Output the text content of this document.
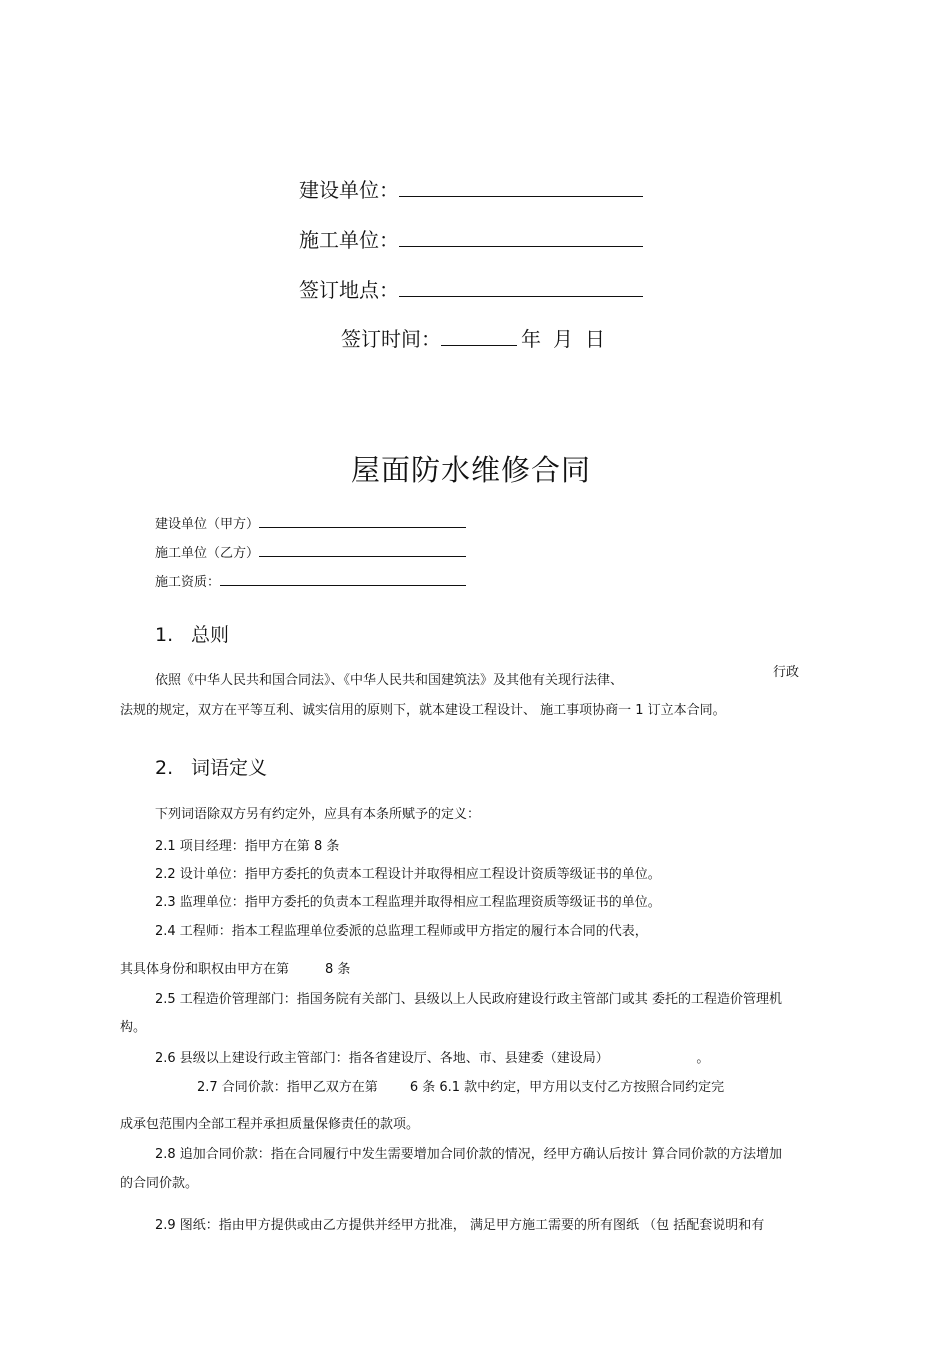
建设单位：
施工单位：
签订地点：
签订时间：	年 月 日
屋面防水维修合同
建设单位（甲方）
施工单位（乙方）
施工资质：
1. 总则
依照《中华人民共和国合同法》、《中华人民共和国建筑法》及其他有关现行法律、
行政
法规的规定，双方在平等互利、诚实信用的原则下，就本建设工程设计、 施工事项协商一 1 订立本合同。
2. 词语定义
下列词语除双方另有约定外，应具有本条所赋予的定义：
2.1 项目经理：指甲方在第 8 条
2.2 设计单位：指甲方委托的负责本工程设计并取得相应工程设计资质等级证书的单位。
2.3 监理单位：指甲方委托的负责本工程监理并取得相应工程监理资质等级证书的单位。
2.4 工程师：指本工程监理单位委派的总监理工程师或甲方指定的履行本合同的代表，
其具体身份和职权由甲方在第	8 条
2.5 工程造价管理部门：指国务院有关部门、县级以上人民政府建设行政主管部门或其 委托的工程造价管理机
构。
2.6 县级以上建设行政主管部门：指各省建设厅、各地、市、县建委（建设局）	。
2.7 合同价款：指甲乙双方在第 6 条 6.1 款中约定，甲方用以支付乙方按照合同约定完
成承包范围内全部工程并承担质量保修责任的款项。
2.8 追加合同价款：指在合同履行中发生需要增加合同价款的情况，经甲方确认后按计 算合同价款的方法增加
的合同价款。
2.9 图纸：指由甲方提供或由乙方提供并经甲方批准， 满足甲方施工需要的所有图纸 （包 括配套说明和有
